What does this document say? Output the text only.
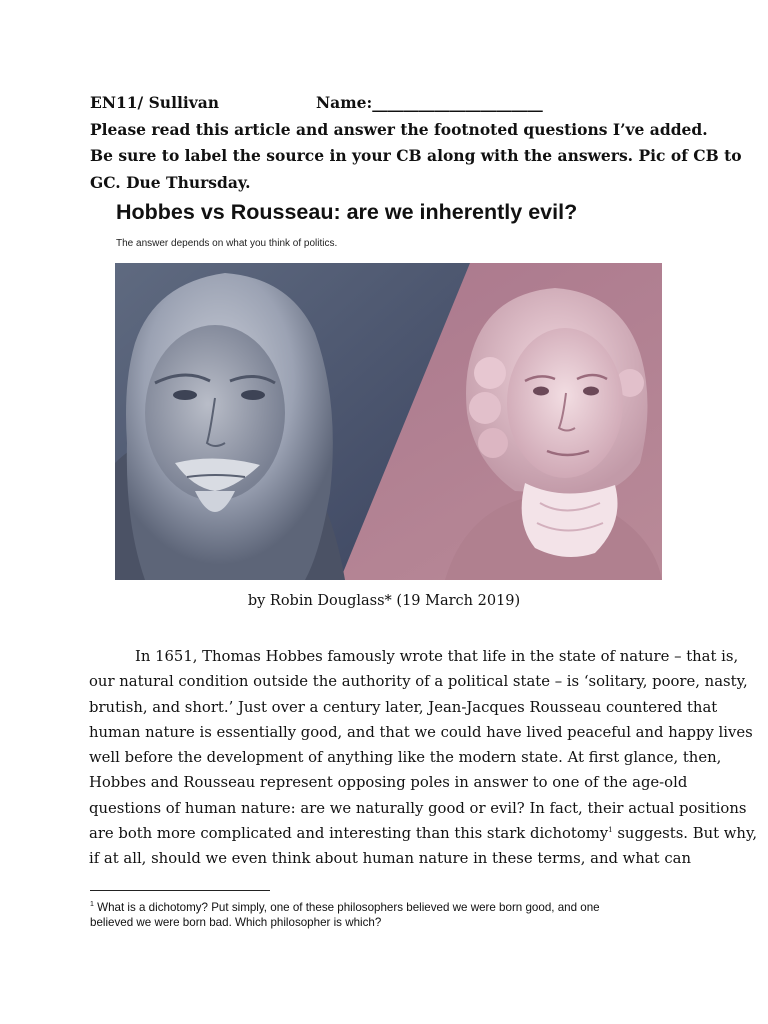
EN11/ Sullivan	Name:______________________
Please read this article and answer the footnoted questions I’ve added.
Be sure to label the source in your CB along with the answers. Pic of CB to
GC. Due Thursday.
Hobbes vs Rousseau: are we inherently evil?
The answer depends on what you think of politics.
by Robin Douglass* (19 March 2019)
In 1651, Thomas Hobbes famously wrote that life in the state of nature – that is,
our natural condition outside the authority of a political state – is ‘solitary, poore, nasty,
brutish, and short.’ Just over a century later, Jean-Jacques Rousseau countered that
human nature is essentially good, and that we could have lived peaceful and happy lives
well before the development of anything like the modern state. At first glance, then,
Hobbes and Rousseau represent opposing poles in answer to one of the age-old
questions of human nature: are we naturally good or evil? In fact, their actual positions
are both more complicated and interesting than this stark dichotomy$^1$ suggests. But why,
if at all, should we even think about human nature in these terms, and what can
$^1$ What is a dichotomy? Put simply, one of these philosophers believed we were born good, and one
believed we were born bad. Which philosopher is which?
